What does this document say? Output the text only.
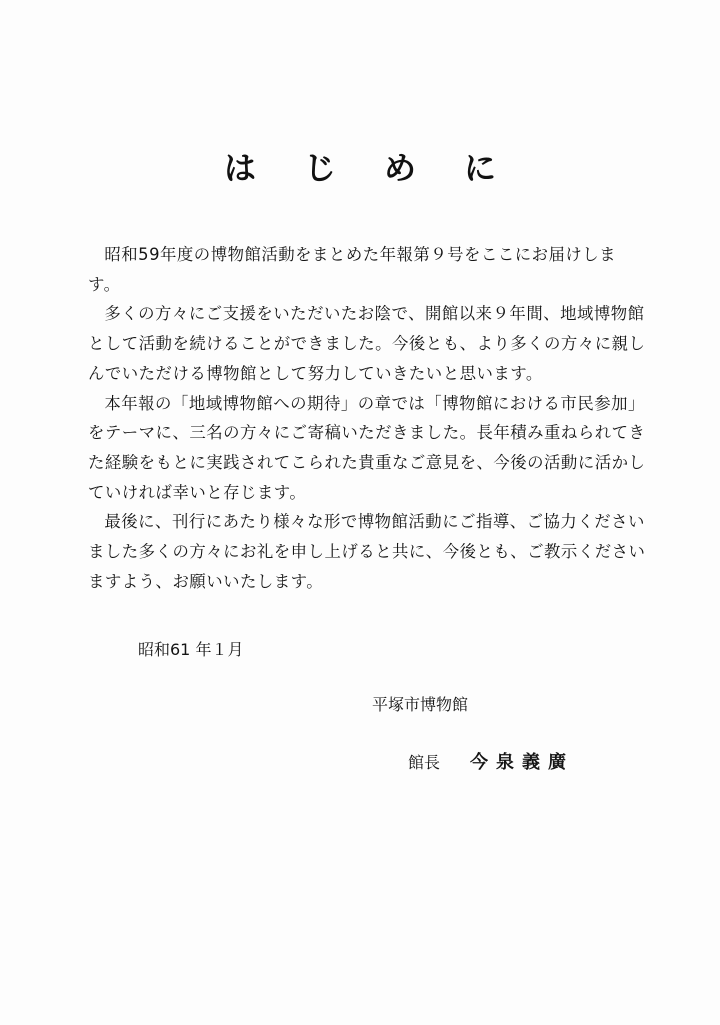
はじめに

昭和59年度の博物館活動をまとめた年報第９号をここにお届けします。

多くの方々にご支援をいただいたお陰で、開館以来９年間、地域博物館として活動を続けることができました。今後とも、より多くの方々に親しんでいただける博物館として努力していきたいと思います。

本年報の「地域博物館への期待」の章では「博物館における市民参加」をテーマに、三名の方々にご寄稿いただきました。長年積み重ねられてきた経験をもとに実践されてこられた貴重なご意見を、今後の活動に活かしていければ幸いと存じます。

最後に、刊行にあたり様々な形で博物館活動にご指導、ご協力くださいました多くの方々にお礼を申し上げると共に、今後とも、ご教示くださいますよう、お願いいたします。

昭和61 年１月
平塚市博物館
館長 今泉義廣
